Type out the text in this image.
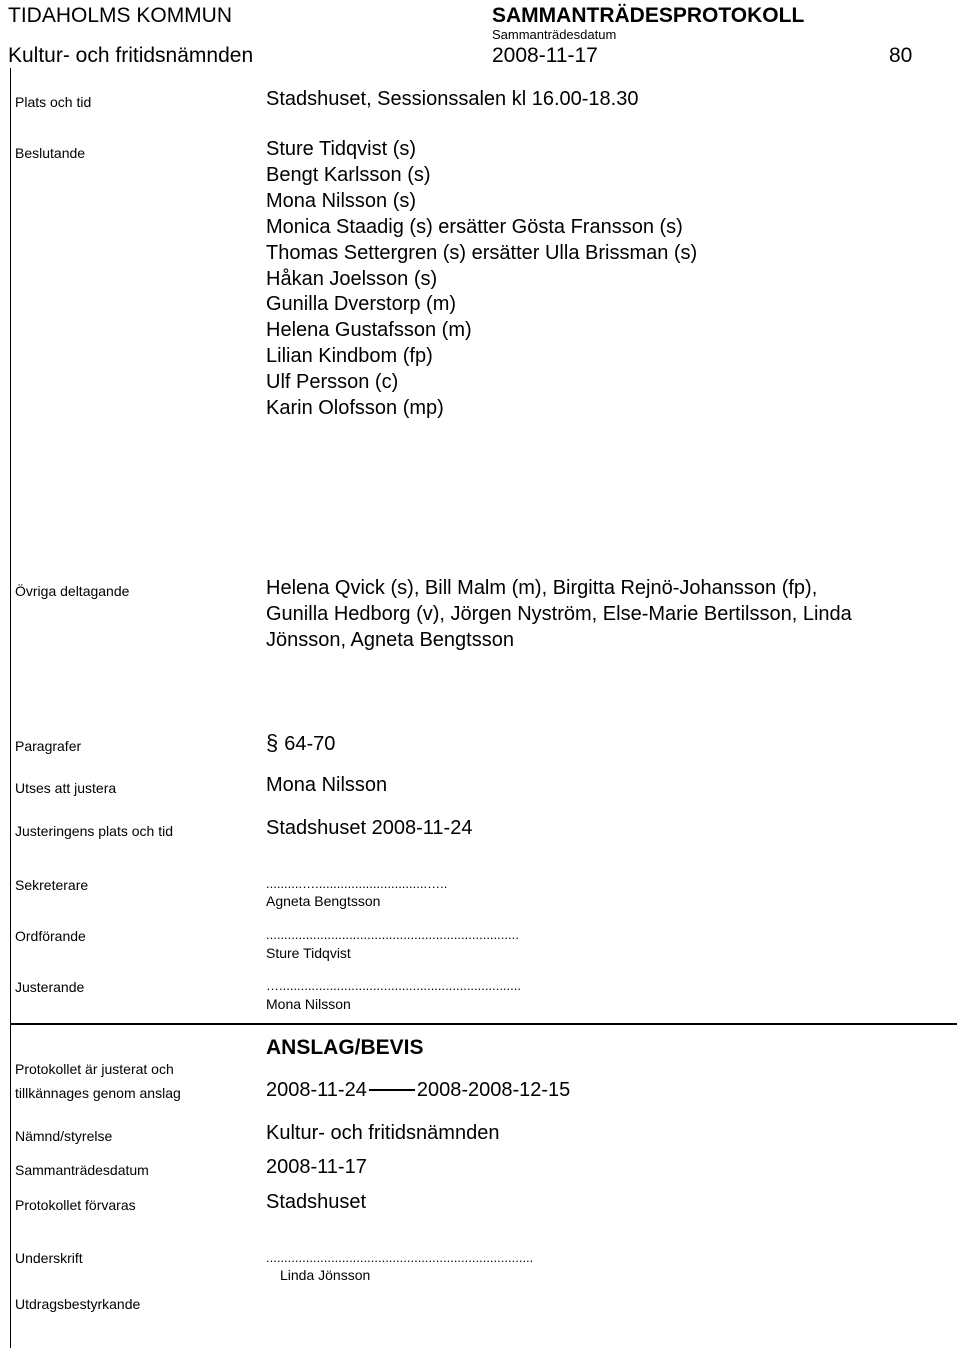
TIDAHOLMS KOMMUN	SAMMANTRÄDESPROTOKOLL
Sammanträdesdatum
Kultur- och fritidsnämnden	2008-11-17	80
Plats och tid	Stadshuset, Sessionssalen kl 16.00-18.30
Beslutande	Sture Tidqvist (s)
Bengt Karlsson (s)
Mona Nilsson (s)
Monica Staadig (s) ersätter Gösta Fransson (s)
Thomas Settergren (s) ersätter Ulla Brissman (s)
Håkan Joelsson (s)
Gunilla Dverstorp (m)
Helena Gustafsson (m)
Lilian Kindbom (fp)
Ulf Persson (c)
Karin Olofsson (mp)
Övriga deltagande	Helena Qvick (s), Bill Malm (m), Birgitta Rejnö-Johansson (fp),
Gunilla Hedborg (v), Jörgen Nyström, Else-Marie Bertilsson, Linda
Jönsson, Agneta Bengtsson
Paragrafer	§ 64-70
Utses att justera	Mona Nilsson
Justeringens plats och tid	Stadshuset 2008-11-24
Sekreterare	..........…...............................…..
Agneta Bengtsson
Ordförande	......................................................................
Sture Tidqvist
Justerande	…...................................................................
Mona Nilsson
ANSLAG/BEVIS
Protokollet är justerat och
tillkännages genom anslag	2008-11-24	2008-2008-12-15
Nämnd/styrelse	Kultur- och fritidsnämnden
Sammanträdesdatum	2008-11-17
Protokollet förvaras	Stadshuset
Underskrift	..........................................................................
Linda Jönsson
Utdragsbestyrkande
